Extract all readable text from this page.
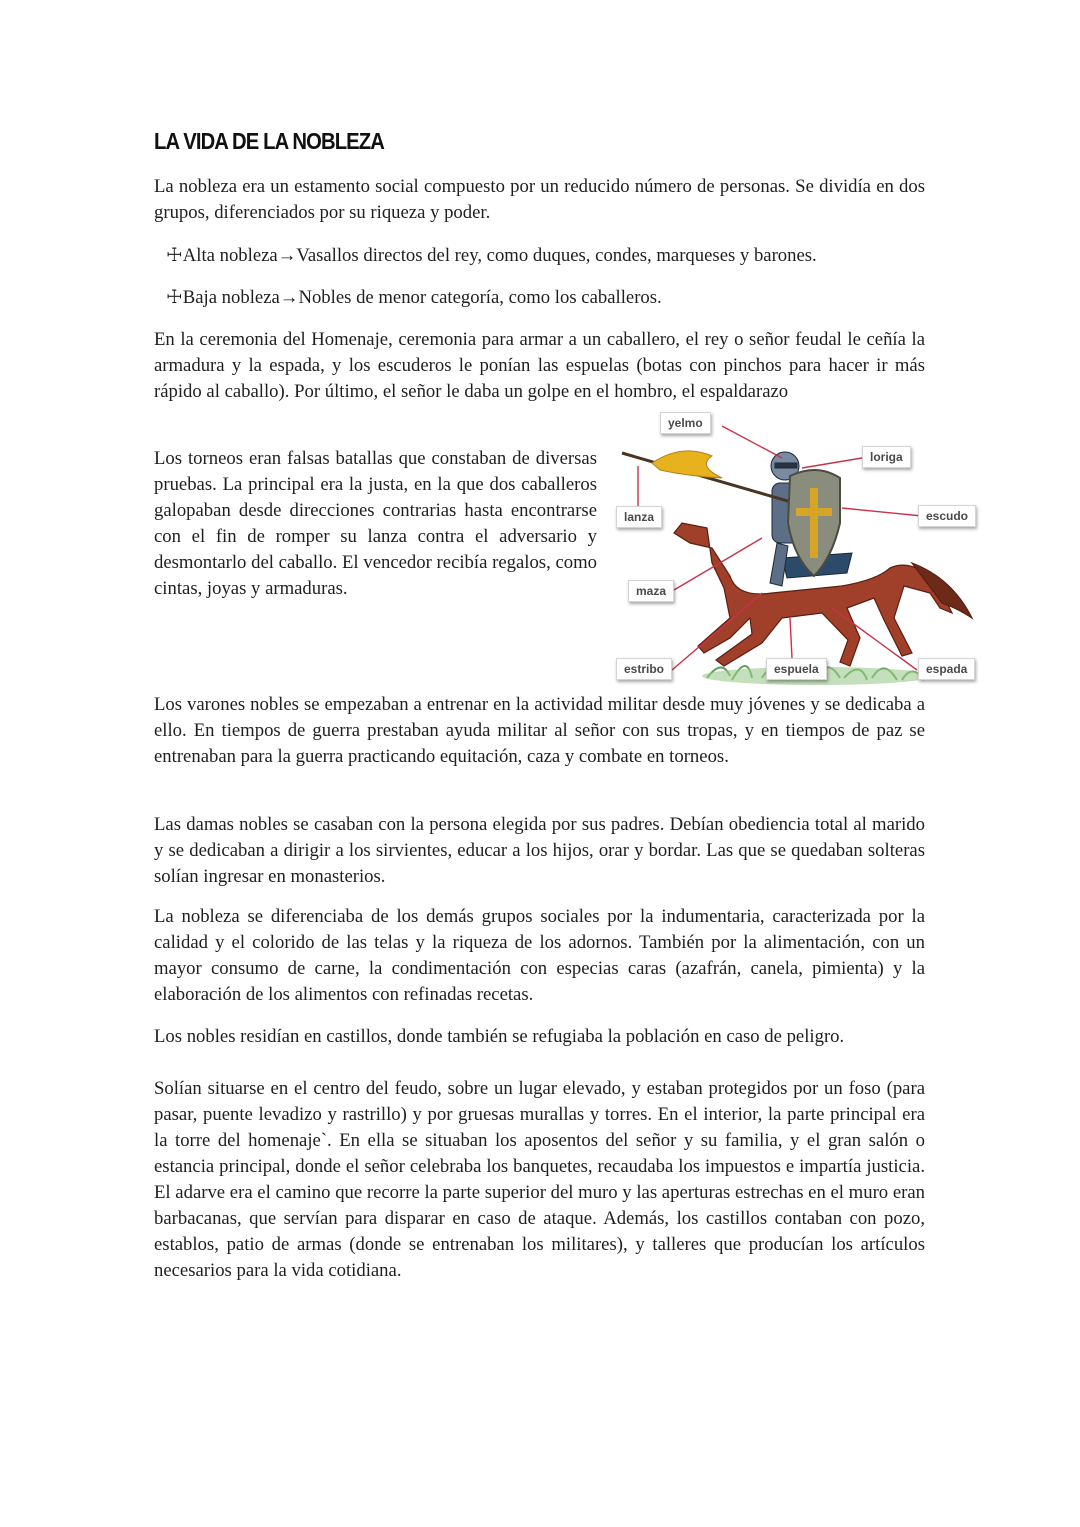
LA VIDA DE LA NOBLEZA
La nobleza era un estamento social compuesto por un reducido número de personas. Se dividía en dos grupos, diferenciados por su riqueza y poder.
☩Alta nobleza→Vasallos directos del rey, como duques, condes, marqueses y barones.
☩Baja nobleza→Nobles de menor categoría, como los caballeros.
En la ceremonia del Homenaje, ceremonia para armar a un caballero, el rey o señor feudal le ceñía la armadura y la espada, y los escuderos le ponían las espuelas (botas con pinchos para hacer ir más rápido al caballo). Por último, el señor le daba un golpe en el hombro, el espaldarazo
Los torneos eran falsas batallas que constaban de diversas pruebas. La principal era la justa, en la que dos caballeros galopaban desde direcciones contrarias hasta encontrarse con el fin de romper su lanza contra el adversario y desmontarlo del caballo. El vencedor recibía regalos, como cintas, joyas y armaduras.
yelmo
loriga
lanza	escudo
maza
estribo	espuela	espada
Los varones nobles se empezaban a entrenar en la actividad militar desde muy jóvenes y se dedicaba a ello. En tiempos de guerra prestaban ayuda militar al señor con sus tropas, y en tiempos de paz se entrenaban para la guerra practicando equitación, caza y combate en torneos.
Las damas nobles se casaban con la persona elegida por sus padres. Debían obediencia total al marido y se dedicaban a dirigir a los sirvientes, educar a los hijos, orar y bordar. Las que se quedaban solteras solían ingresar en monasterios.
La nobleza se diferenciaba de los demás grupos sociales por la indumentaria, caracterizada por la calidad y el colorido de las telas y la riqueza de los adornos. También por la alimentación, con un mayor consumo de carne, la condimentación con especias caras (azafrán, canela, pimienta) y la elaboración de los alimentos con refinadas recetas.
Los nobles residían en castillos, donde también se refugiaba la población en caso de peligro.
Solían situarse en el centro del feudo, sobre un lugar elevado, y estaban protegidos por un foso (para pasar, puente levadizo y rastrillo) y por gruesas murallas y torres. En el interior, la parte principal era la torre del homenaje`. En ella se situaban los aposentos del señor y su familia, y el gran salón o estancia principal, donde el señor celebraba los banquetes, recaudaba los impuestos e impartía justicia. El adarve era el camino que recorre la parte superior del muro y las aperturas estrechas en el muro eran barbacanas, que servían para disparar en caso de ataque. Además, los castillos contaban con pozo, establos, patio de armas (donde se entrenaban los militares), y talleres que producían los artículos necesarios para la vida cotidiana.
